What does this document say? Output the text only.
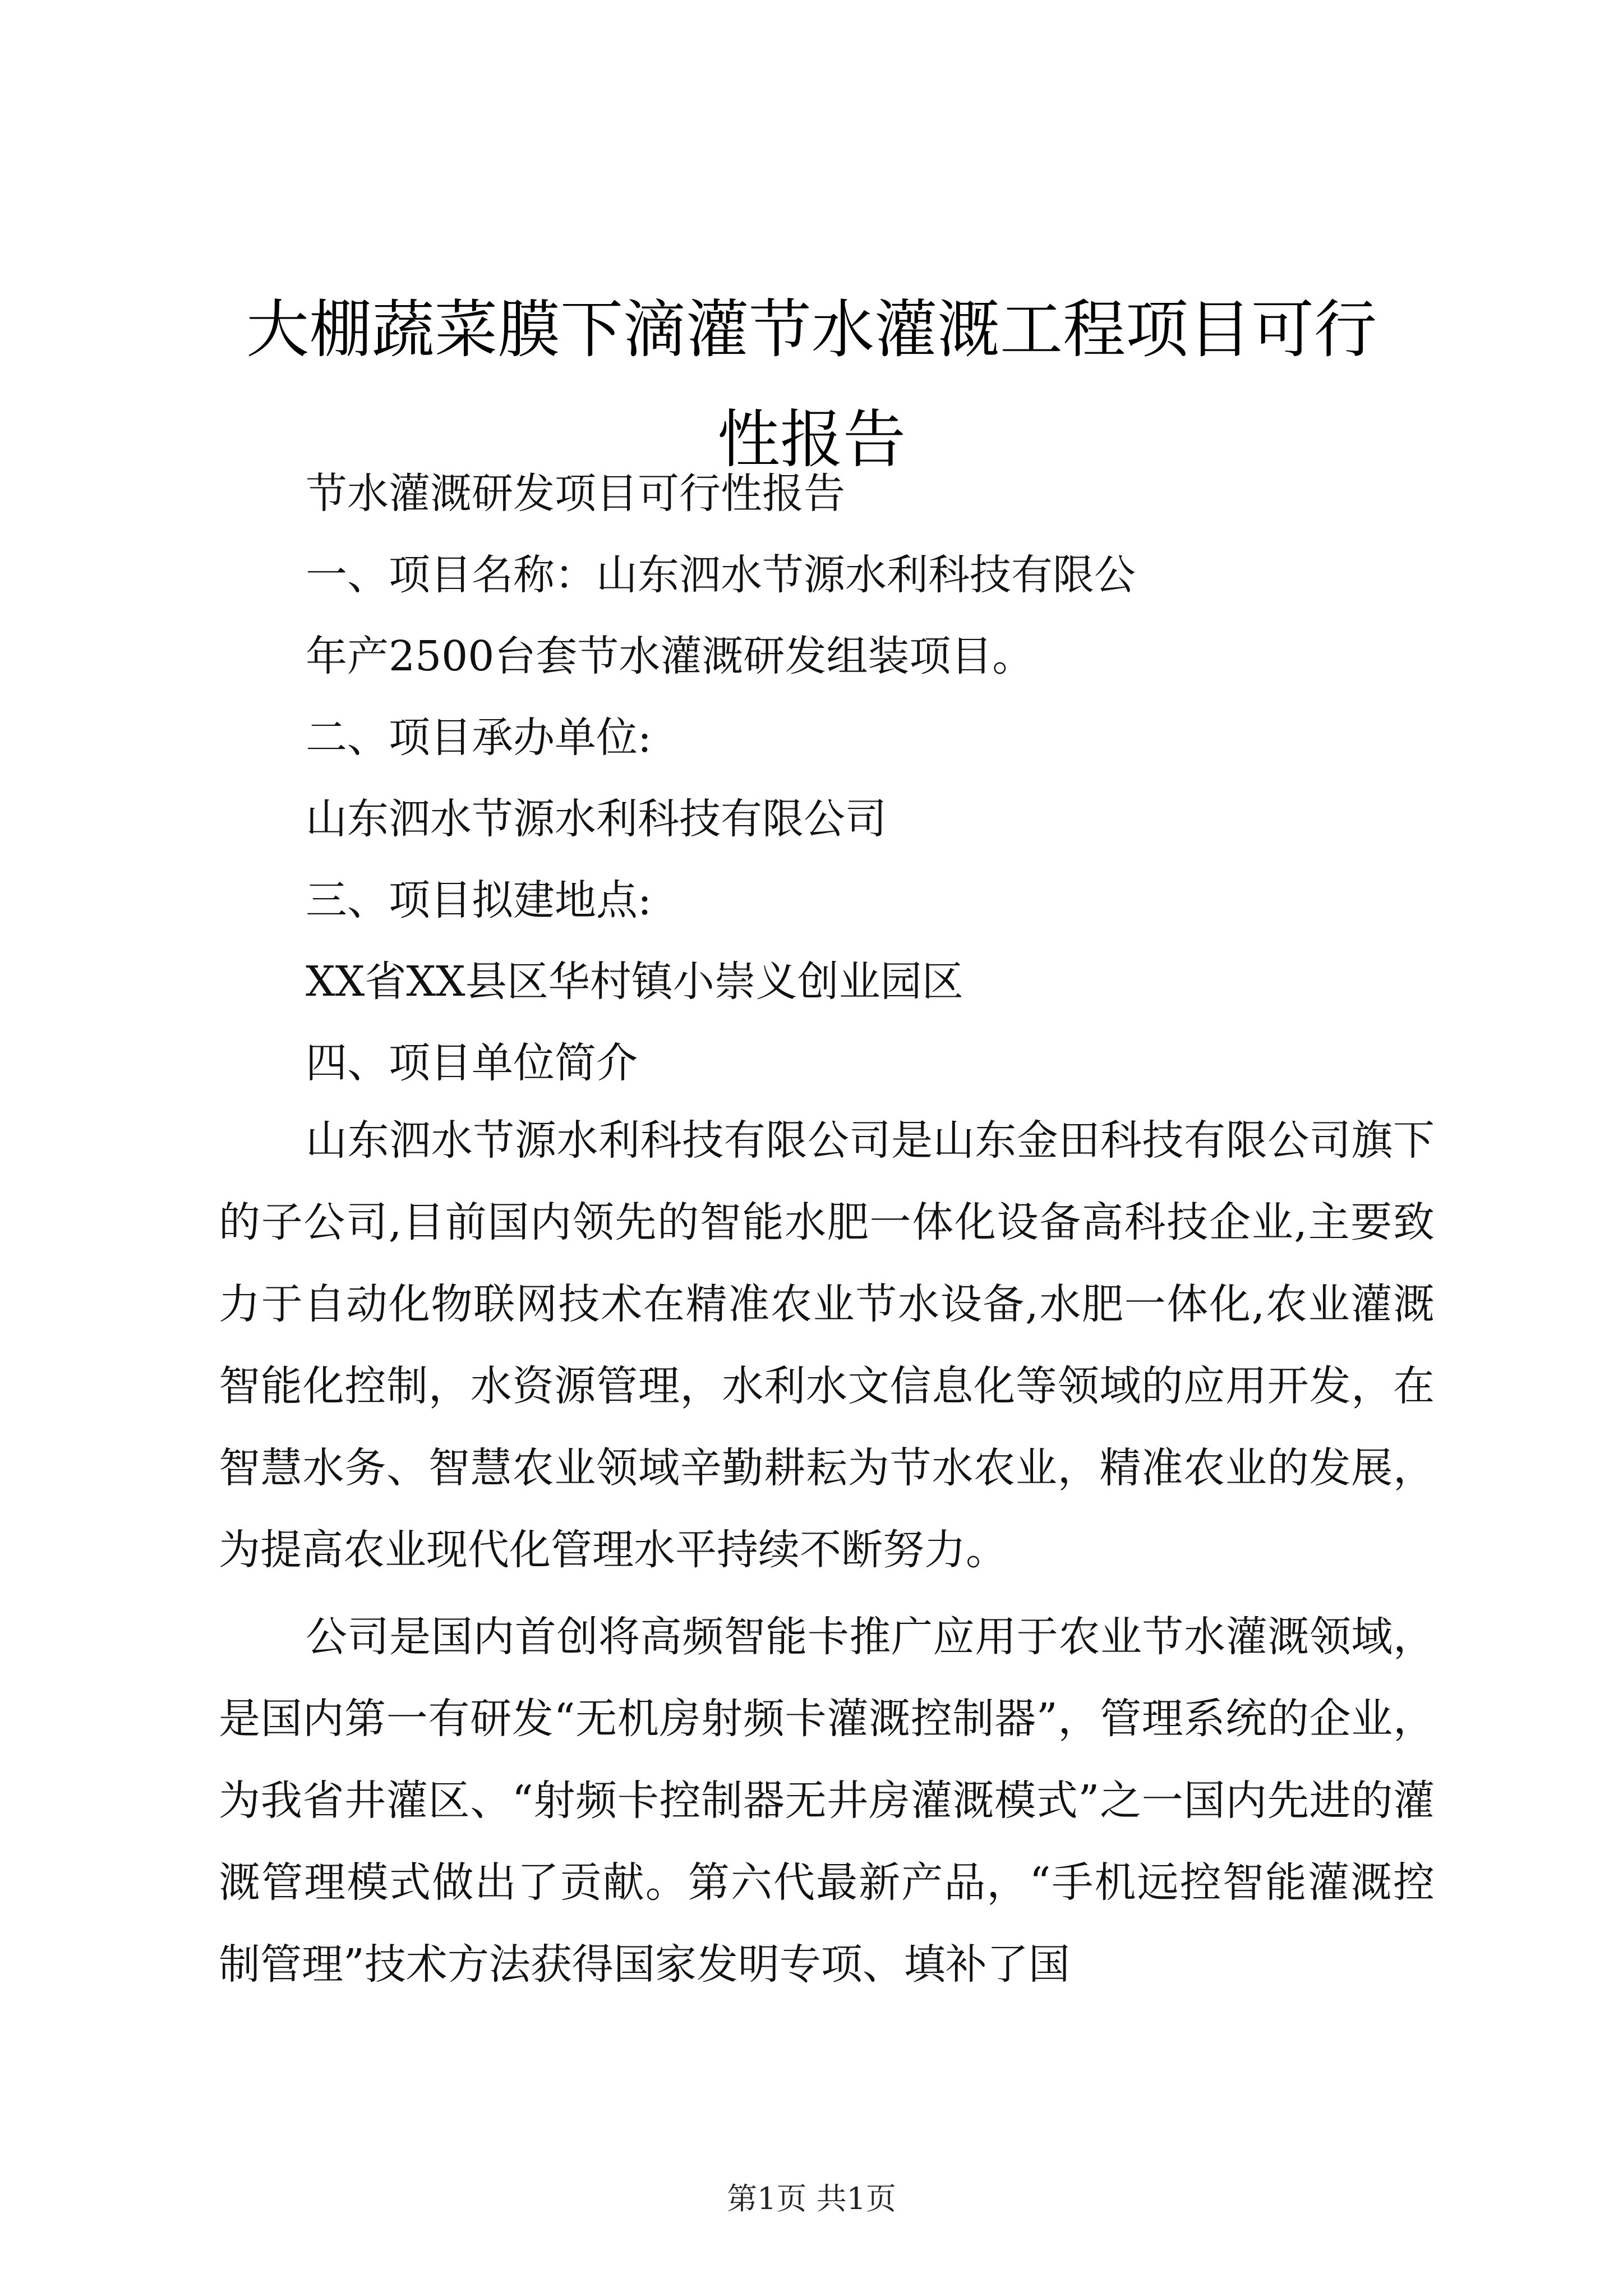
大棚蔬菜膜下滴灌节水灌溉工程项目可行性报告

节水灌溉研发项目可行性报告

一、项目名称：山东泗水节源水利科技有限公

年产2500台套节水灌溉研发组装项目。

二、项目承办单位:

山东泗水节源水利科技有限公司

三、项目拟建地点:

XX省XX县区华村镇小崇义创业园区

四、项目单位简介

山东泗水节源水利科技有限公司是山东金田科技有限公司旗下的子公司,目前国内领先的智能水肥一体化设备高科技企业,主要致力于自动化物联网技术在精准农业节水设备,水肥一体化,农业灌溉智能化控制，水资源管理，水利水文信息化等领域的应用开发，在智慧水务、智慧农业领域辛勤耕耘为节水农业，精准农业的发展，为提高农业现代化管理水平持续不断努力。

公司是国内首创将高频智能卡推广应用于农业节水灌溉领域，是国内第一有研发“无机房射频卡灌溉控制器”，管理系统的企业，为我省井灌区、“射频卡控制器无井房灌溉模式”之一国内先进的灌溉管理模式做出了贡献。第六代最新产品，“手机远控智能灌溉控制管理”技术方法获得国家发明专项、填补了国

第1页 共1页
